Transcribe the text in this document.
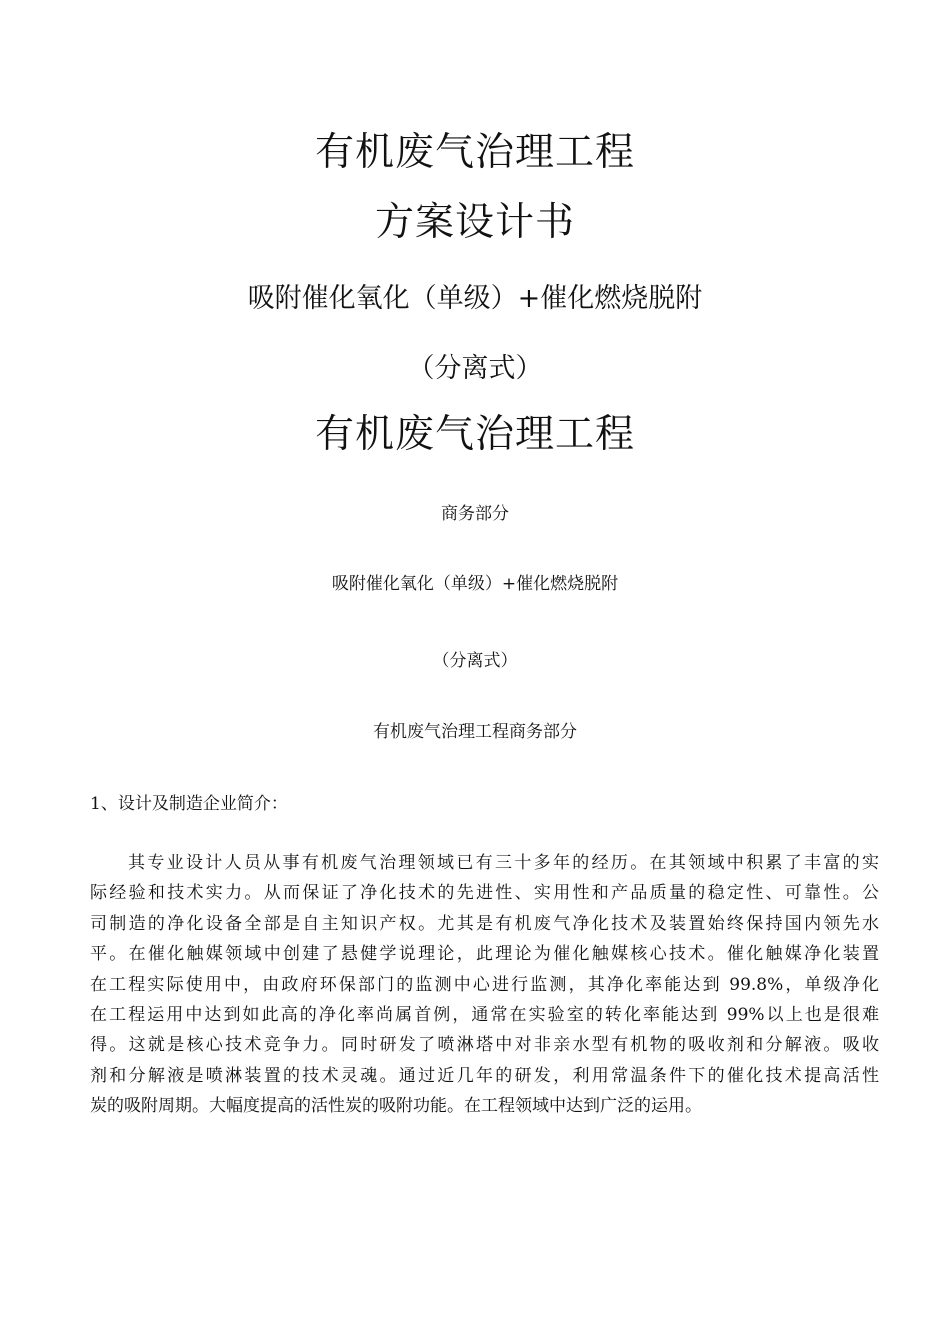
有机废气治理工程
方案设计书
吸附催化氧化（单级）+催化燃烧脱附
（分离式）
有机废气治理工程
商务部分
吸附催化氧化（单级）+催化燃烧脱附
（分离式）
有机废气治理工程商务部分
1、设计及制造企业简介：
其专业设计人员从事有机废气治理领域已有三十多年的经历。在其领域中积累了丰富的实
际经验和技术实力。从而保证了净化技术的先进性、实用性和产品质量的稳定性、可靠性。公
司制造的净化设备全部是自主知识产权。尤其是有机废气净化技术及装置始终保持国内领先水
平。在催化触媒领域中创建了悬健学说理论，此理论为催化触媒核心技术。催化触媒净化装置
在工程实际使用中，由政府环保部门的监测中心进行监测，其净化率能达到 99.8%，单级净化
在工程运用中达到如此高的净化率尚属首例，通常在实验室的转化率能达到 99%以上也是很难
得。这就是核心技术竞争力。同时研发了喷淋塔中对非亲水型有机物的吸收剂和分解液。吸收
剂和分解液是喷淋装置的技术灵魂。通过近几年的研发，利用常温条件下的催化技术提高活性
炭的吸附周期。大幅度提高的活性炭的吸附功能。在工程领域中达到广泛的运用。
